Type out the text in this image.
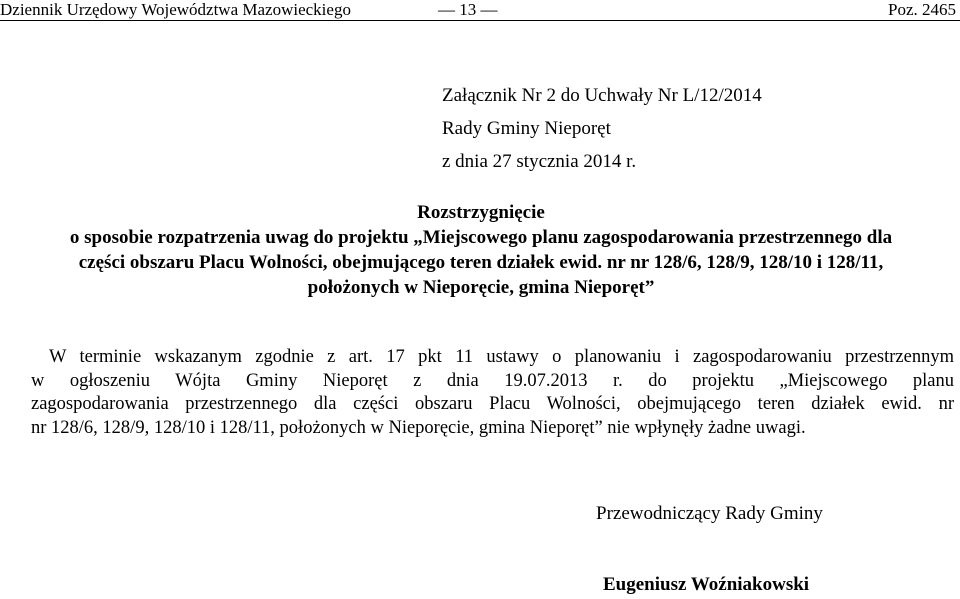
Dziennik Urzędowy Województwa Mazowieckiego	— 13 —	Poz. 2465
Załącznik Nr 2 do Uchwały Nr L/12/2014
Rady Gminy Nieporęt
z dnia 27 stycznia 2014 r.
Rozstrzygnięcie
o sposobie rozpatrzenia uwag do projektu „Miejscowego planu zagospodarowania przestrzennego dla
części obszaru Placu Wolności, obejmującego teren działek ewid. nr nr 128/6, 128/9, 128/10 i 128/11,
położonych w Nieporęcie, gmina Nieporęt”
W terminie wskazanym zgodnie z art. 17 pkt 11 ustawy o planowaniu i zagospodarowaniu przestrzennym
w ogłoszeniu Wójta Gminy Nieporęt z dnia 19.07.2013 r. do projektu „Miejscowego planu
zagospodarowania przestrzennego dla części obszaru Placu Wolności, obejmującego teren działek ewid. nr
nr 128/6, 128/9, 128/10 i 128/11, położonych w Nieporęcie, gmina Nieporęt” nie wpłynęły żadne uwagi.
Przewodniczący Rady Gminy
Eugeniusz Woźniakowski
